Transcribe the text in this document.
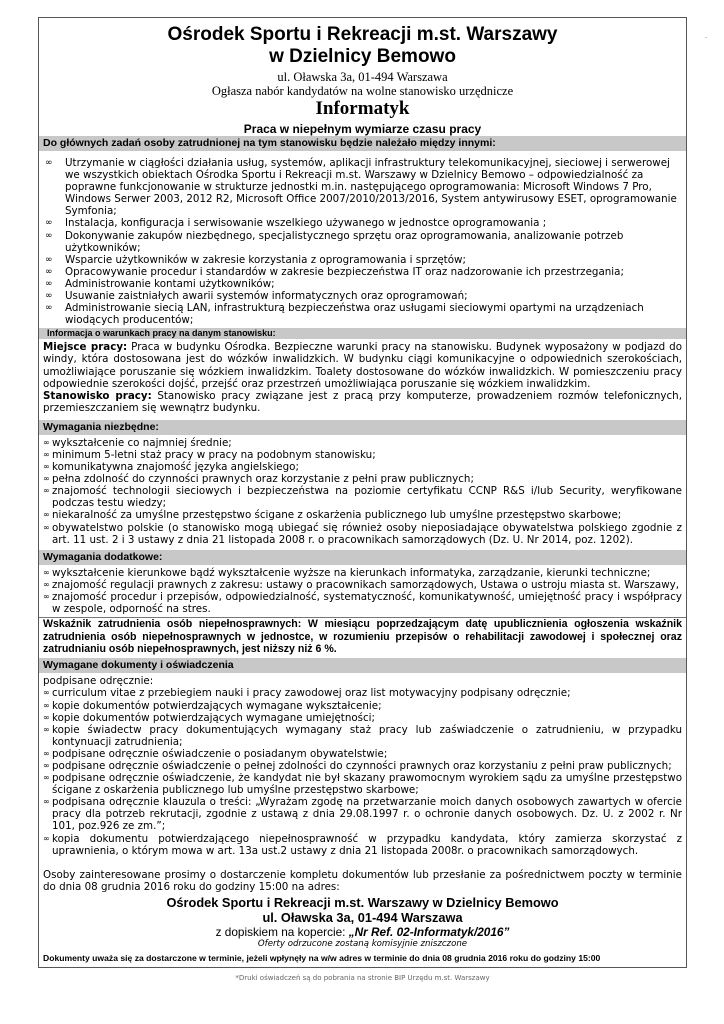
·
Ośrodek Sportu i Rekreacji m.st. Warszawy
w Dzielnicy Bemowo
ul. Oławska 3a, 01-494 Warszawa
Ogłasza nabór kandydatów na wolne stanowisko urzędnicze
Informatyk
Praca w niepełnym wymiarze czasu pracy
Do głównych zadań osoby zatrudnionej na tym stanowisku będzie należało między innymi:
∞ Utrzymanie w ciągłości działania usług, systemów, aplikacji infrastruktury telekomunikacyjnej, sieciowej i serwerowej we wszystkich obiektach Ośrodka Sportu i Rekreacji m.st. Warszawy w Dzielnicy Bemowo – odpowiedzialność za poprawne funkcjonowanie w strukturze jednostki m.in. następującego oprogramowania: Microsoft Windows 7 Pro, Windows Serwer 2003, 2012 R2, Microsoft Office 2007/2010/2013/2016, System antywirusowy ESET, oprogramowanie Symfonia;
∞ Instalacja, konfiguracja i serwisowanie wszelkiego używanego w jednostce oprogramowania ;
∞ Dokonywanie zakupów niezbędnego, specjalistycznego sprzętu oraz oprogramowania, analizowanie potrzeb użytkowników;
∞ Wsparcie użytkowników w zakresie korzystania z oprogramowania i sprzętów;
∞ Opracowywanie procedur i standardów w zakresie bezpieczeństwa IT oraz nadzorowanie ich przestrzegania;
∞ Administrowanie kontami użytkowników;
∞ Usuwanie zaistniałych awarii systemów informatycznych oraz oprogramowań;
∞ Administrowanie siecią LAN, infrastrukturą bezpieczeństwa oraz usługami sieciowymi opartymi na urządzeniach wiodących producentów;
Informacja o warunkach pracy na danym stanowisku:

Miejsce pracy: Praca w budynku Ośrodka. Bezpieczne warunki pracy na stanowisku. Budynek wyposażony w podjazd do windy, która dostosowana jest do wózków inwalidzkich. W budynku ciągi komunikacyjne o odpowiednich szerokościach, umożliwiające poruszanie się wózkiem inwalidzkim. Toalety dostosowane do wózków inwalidzkich. W pomieszczeniu pracy odpowiednie szerokości dojść, przejść oraz przestrzeń umożliwiająca poruszanie się wózkiem inwalidzkim.

Stanowisko pracy: Stanowisko pracy związane jest z pracą przy komputerze, prowadzeniem rozmów telefonicznych, przemieszczaniem się wewnątrz budynku.

Wymagania niezbędne:
∞ wykształcenie co najmniej średnie;
∞ minimum 5-letni staż pracy w pracy na podobnym stanowisku;
∞ komunikatywna znajomość języka angielskiego;
∞ pełna zdolność do czynności prawnych oraz korzystanie z pełni praw publicznych;
∞ znajomość technologii sieciowych i bezpieczeństwa na poziomie certyfikatu CCNP R&S i/lub Security, weryfikowane podczas testu wiedzy;
∞ niekaralność za umyślne przestępstwo ścigane z oskarżenia publicznego lub umyślne przestępstwo skarbowe;
∞ obywatelstwo polskie (o stanowisko mogą ubiegać się również osoby nieposiadające obywatelstwa polskiego zgodnie z art. 11 ust. 2 i 3 ustawy z dnia 21 listopada 2008 r. o pracownikach samorządowych (Dz. U. Nr 2014, poz. 1202).
Wymagania dodatkowe:
∞ wykształcenie kierunkowe bądź wykształcenie wyższe na kierunkach informatyka, zarządzanie, kierunki techniczne;
∞ znajomość regulacji prawnych z zakresu: ustawy o pracownikach samorządowych, Ustawa o ustroju miasta st. Warszawy,
∞ znajomość procedur i przepisów, odpowiedzialność, systematyczność, komunikatywność, umiejętność pracy i współpracy w zespole, odporność na stres.
Wskaźnik zatrudnienia osób niepełnosprawnych: W miesiącu poprzedzającym datę upublicznienia ogłoszenia wskaźnik zatrudnienia osób niepełnosprawnych w jednostce, w rozumieniu przepisów o rehabilitacji zawodowej i społecznej oraz zatrudnianiu osób niepełnosprawnych, jest niższy niż 6 %.
Wymagane dokumenty i oświadczenia

podpisane odręcznie:

∞ curriculum vitae z przebiegiem nauki i pracy zawodowej oraz list motywacyjny podpisany odręcznie;
∞ kopie dokumentów potwierdzających wymagane wykształcenie;
∞ kopie dokumentów potwierdzających wymagane umiejętności;
∞ kopie świadectw pracy dokumentujących wymagany staż pracy lub zaświadczenie o zatrudnieniu, w przypadku kontynuacji zatrudnienia;
∞ podpisane odręcznie oświadczenie o posiadanym obywatelstwie;
∞ podpisane odręcznie oświadczenie o pełnej zdolności do czynności prawnych oraz korzystaniu z pełni praw publicznych;
∞ podpisane odręcznie oświadczenie, że kandydat nie był skazany prawomocnym wyrokiem sądu za umyślne przestępstwo ścigane z oskarżenia publicznego lub umyślne przestępstwo skarbowe;
∞ podpisana odręcznie klauzula o treści: „Wyrażam zgodę na przetwarzanie moich danych osobowych zawartych w ofercie pracy dla potrzeb rekrutacji, zgodnie z ustawą z dnia 29.08.1997 r. o ochronie danych osobowych. Dz. U. z 2002 r. Nr 101, poz.926 ze zm.”;
∞ kopia dokumentu potwierdzającego niepełnosprawność w przypadku kandydata, który zamierza skorzystać z uprawnienia, o którym mowa w art. 13a ust.2 ustawy z dnia 21 listopada 2008r. o pracownikach samorządowych.

Osoby zainteresowane prosimy o dostarczenie kompletu dokumentów lub przesłanie za pośrednictwem poczty w terminie do dnia 08 grudnia 2016 roku do godziny 15:00 na adres:

Ośrodek Sportu i Rekreacji m.st. Warszawy w Dzielnicy Bemowo
ul. Oławska 3a, 01-494 Warszawa
z dopiskiem na kopercie: „Nr Ref. 02-Informatyk/2016”
Oferty odrzucone zostaną komisyjnie zniszczone
Dokumenty uważa się za dostarczone w terminie, jeżeli wpłynęły na w/w adres w terminie do dnia 08 grudnia 2016 roku do godziny 15:00
*Druki oświadczeń są do pobrania na stronie BIP Urzędu m.st. Warszawy
